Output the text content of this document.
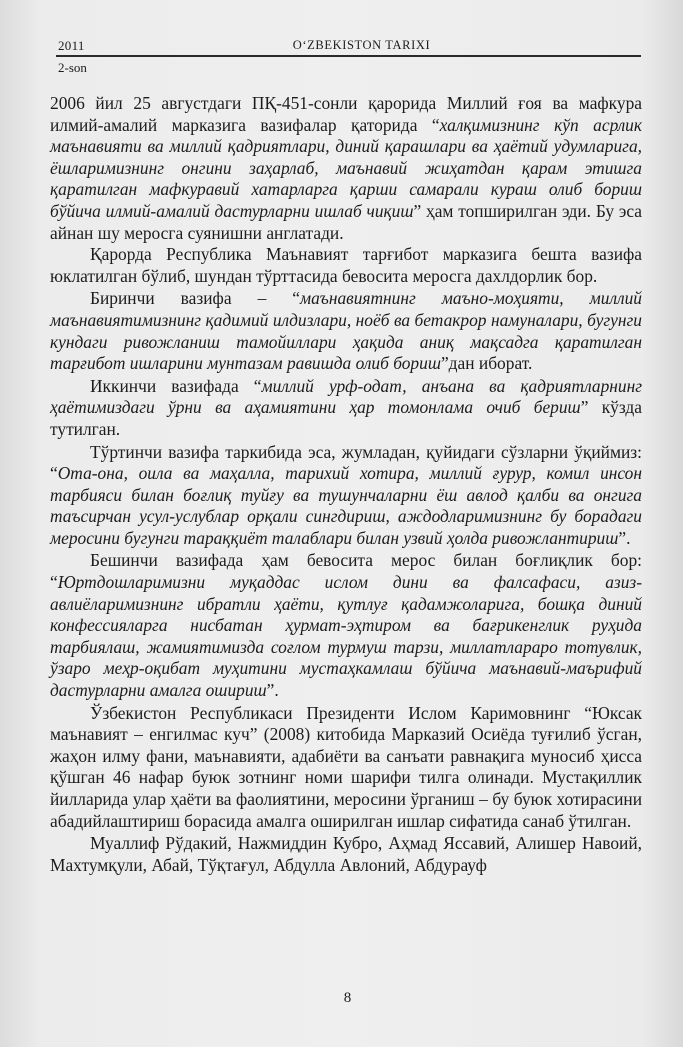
2011	O‘ZBEKISTON TARIXI
2-son

2006 йил 25 августдаги ПҚ-451-сонли қарорида Миллий ғоя ва мафкура илмий-амалий марказига вазифалар қаторида “халқимизнинг кўп асрлик маънавияти ва миллий қадриятлари, диний қарашлари ва ҳаётий удумларига, ёшларимизнинг онгини заҳарлаб, маънавий жиҳатдан қарам этишга қаратилган мафкуравий хатарларга қарши самарали кураш олиб бориш бўйича илмий-амалий дастурларни ишлаб чиқиш” ҳам топширилган эди. Бу эса айнан шу меросга суянишни англатади.

Қарорда Республика Маънавият тарғибот марказига бешта вазифа юклатилган бўлиб, шундан тўрттасида бевосита меросга дахлдорлик бор.

Биринчи вазифа – “маънавиятнинг маъно-моҳияти, миллий маънавиятимизнинг қадимий илдизлари, ноёб ва бетакрор намуналари, бугунги кундаги ривожланиш тамойиллари ҳақида аниқ мақсадга қаратилган тарғибот ишларини мунтазам равишда олиб бориш”дан иборат.

Иккинчи вазифада “миллий урф-одат, анъана ва қадриятларнинг ҳаётимиздаги ўрни ва аҳамиятини ҳар томонлама очиб бериш” кўзда тутилган.

Тўртинчи вазифа таркибида эса, жумладан, қуйидаги сўзларни ўқиймиз: “Ота-она, оила ва маҳалла, тарихий хотира, миллий ғурур, комил инсон тарбияси билан боғлиқ туйғу ва тушунчаларни ёш авлод қалби ва онгига таъсирчан усул-услублар орқали сингдириш, аждодларимизнинг бу борадаги меросини бугунги тараққиёт талаблари билан узвий ҳолда ривожлантириш”.

Бешинчи вазифада ҳам бевосита мерос билан боғлиқлик бор: “Юртдошларимизни муқаддас ислом дини ва фалсафаси, азиз-авлиёларимизнинг ибратли ҳаёти, қутлуғ қадамжоларига, бошқа диний конфессияларга нисбатан ҳурмат-эҳтиром ва бағрикенглик руҳида тарбиялаш, жамиятимизда соғлом турмуш тарзи, миллатлараро тотувлик, ўзаро меҳр-оқибат муҳитини мустаҳкамлаш бўйича маънавий-маърифий дастурларни амалга ошириш”.

Ўзбекистон Республикаси Президенти Ислом Каримовнинг “Юксак маънавият – енгилмас куч” (2008) китобида Марказий Осиёда туғилиб ўсган, жаҳон илму фани, маънавияти, адабиёти ва санъати равнақига муносиб ҳисса қўшган 46 нафар буюк зотнинг номи шарифи тилга олинади. Мустақиллик йилларида улар ҳаёти ва фаолиятини, меросини ўрганиш – бу буюк хотирасини абадийлаштириш борасида амалга оширилган ишлар сифатида санаб ўтилган.

Муаллиф Рўдакий, Нажмиддин Кубро, Аҳмад Яссавий, Алишер Навоий, Махтумқули, Абай, Тўқтағул, Абдулла Авлоний, Абдурауф

8
